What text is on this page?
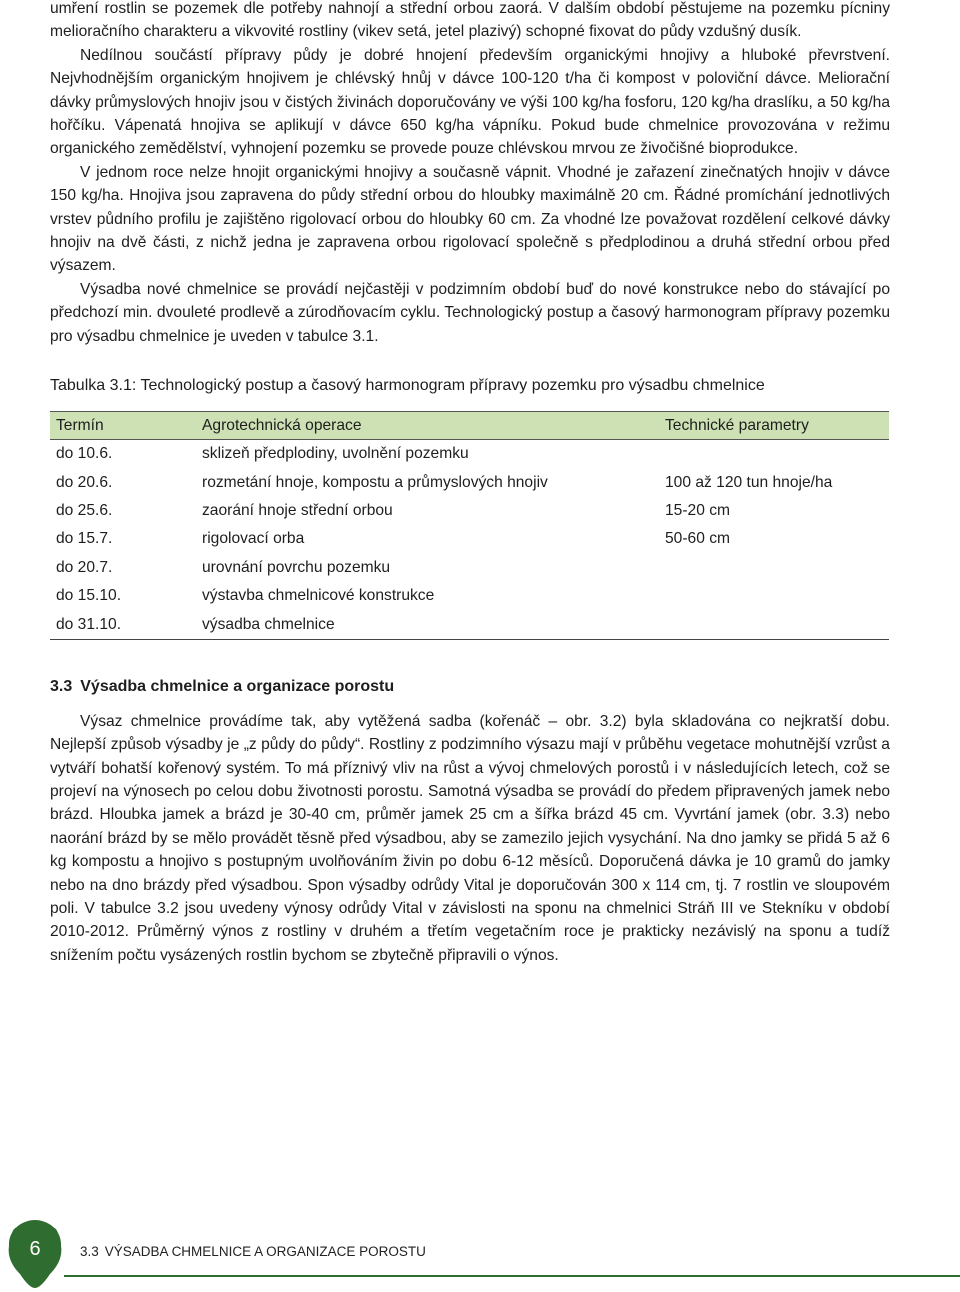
umření rostlin se pozemek dle potřeby nahnojí a střední orbou zaorá. V dalším období pěstujeme na pozemku pícniny melioračního charakteru a vikvovité rostliny (vikev setá, jetel plazivý) schopné fixovat do půdy vzdušný dusík.

Nedílnou součástí přípravy půdy je dobré hnojení především organickými hnojivy a hluboké převrstvení. Nejvhodnějším organickým hnojivem je chlévský hnůj v dávce 100-120 t/ha či kompost v poloviční dávce. Meliorační dávky průmyslových hnojiv jsou v čistých živinách doporučovány ve výši 100 kg/ha fosforu, 120 kg/ha draslíku, a 50 kg/ha hořčíku. Vápenatá hnojiva se aplikují v dávce 650 kg/ha vápníku. Pokud bude chmelnice provozována v režimu organického zemědělství, vyhnojení pozemku se provede pouze chlévskou mrvou ze živočišné bioprodukce.

V jednom roce nelze hnojit organickými hnojivy a současně vápnit. Vhodné je zařazení zinečnatých hnojiv v dávce 150 kg/ha. Hnojiva jsou zapravena do půdy střední orbou do hloubky maximálně 20 cm. Řádné promíchání jednotlivých vrstev půdního profilu je zajištěno rigolovací orbou do hloubky 60 cm. Za vhodné lze považovat rozdělení celkové dávky hnojiv na dvě části, z nichž jedna je zapravena orbou rigolovací společně s předplodinou a druhá střední orbou před výsazem.

Výsadba nové chmelnice se provádí nejčastěji v podzimním období buď do nové konstrukce nebo do stávající po předchozí min. dvouleté prodlevě a zúrodňovacím cyklu. Technologický postup a časový harmonogram přípravy pozemku pro výsadbu chmelnice je uveden v tabulce 3.1.

Tabulka 3.1: Technologický postup a časový harmonogram přípravy pozemku pro výsadbu chmelnice

Termín	Agrotechnická operace	Technické parametry
do 10.6.	sklizeň předplodiny, uvolnění pozemku	
do 20.6.	rozmetání hnoje, kompostu a průmyslových hnojiv	100 až 120 tun hnoje/ha
do 25.6.	zaorání hnoje střední orbou	15-20 cm
do 15.7.	rigolovací orba	50-60 cm
do 20.7.	urovnání povrchu pozemku	
do 15.10.	výstavba chmelnicové konstrukce	
do 31.10.	výsadba chmelnice	
3.3 Výsadba chmelnice a organizace porostu

Výsaz chmelnice provádíme tak, aby vytěžená sadba (kořenáč – obr. 3.2) byla skladována co nejkratší dobu. Nejlepší způsob výsadby je „z půdy do půdy“. Rostliny z podzimního výsazu mají v průběhu vegetace mohutnější vzrůst a vytváří bohatší kořenový systém. To má příznivý vliv na růst a vývoj chmelových porostů i v následujících letech, což se projeví na výnosech po celou dobu životnosti porostu. Samotná výsadba se provádí do předem připravených jamek nebo brázd. Hloubka jamek a brázd je 30-40 cm, průměr jamek 25 cm a šířka brázd 45 cm. Vyvrtání jamek (obr. 3.3) nebo naorání brázd by se mělo provádět těsně před výsadbou, aby se zamezilo jejich vysychání. Na dno jamky se přidá 5 až 6 kg kompostu a hnojivo s postupným uvolňováním živin po dobu 6-12 měsíců. Doporučená dávka je 10 gramů do jamky nebo na dno brázdy před výsadbou. Spon výsadby odrůdy Vital je doporučován 300 x 114 cm, tj. 7 rostlin ve sloupovém poli. V tabulce 3.2 jsou uvedeny výnosy odrůdy Vital v závislosti na sponu na chmelnici Stráň III ve Stekníku v období 2010-2012. Průměrný výnos z rostliny v druhém a třetím vegetačním roce je prakticky nezávislý na sponu a tudíž snížením počtu vysázených rostlin bychom se zbytečně připravili o výnos.

6	3.3 VÝSADBA CHMELNICE A ORGANIZACE POROSTU
